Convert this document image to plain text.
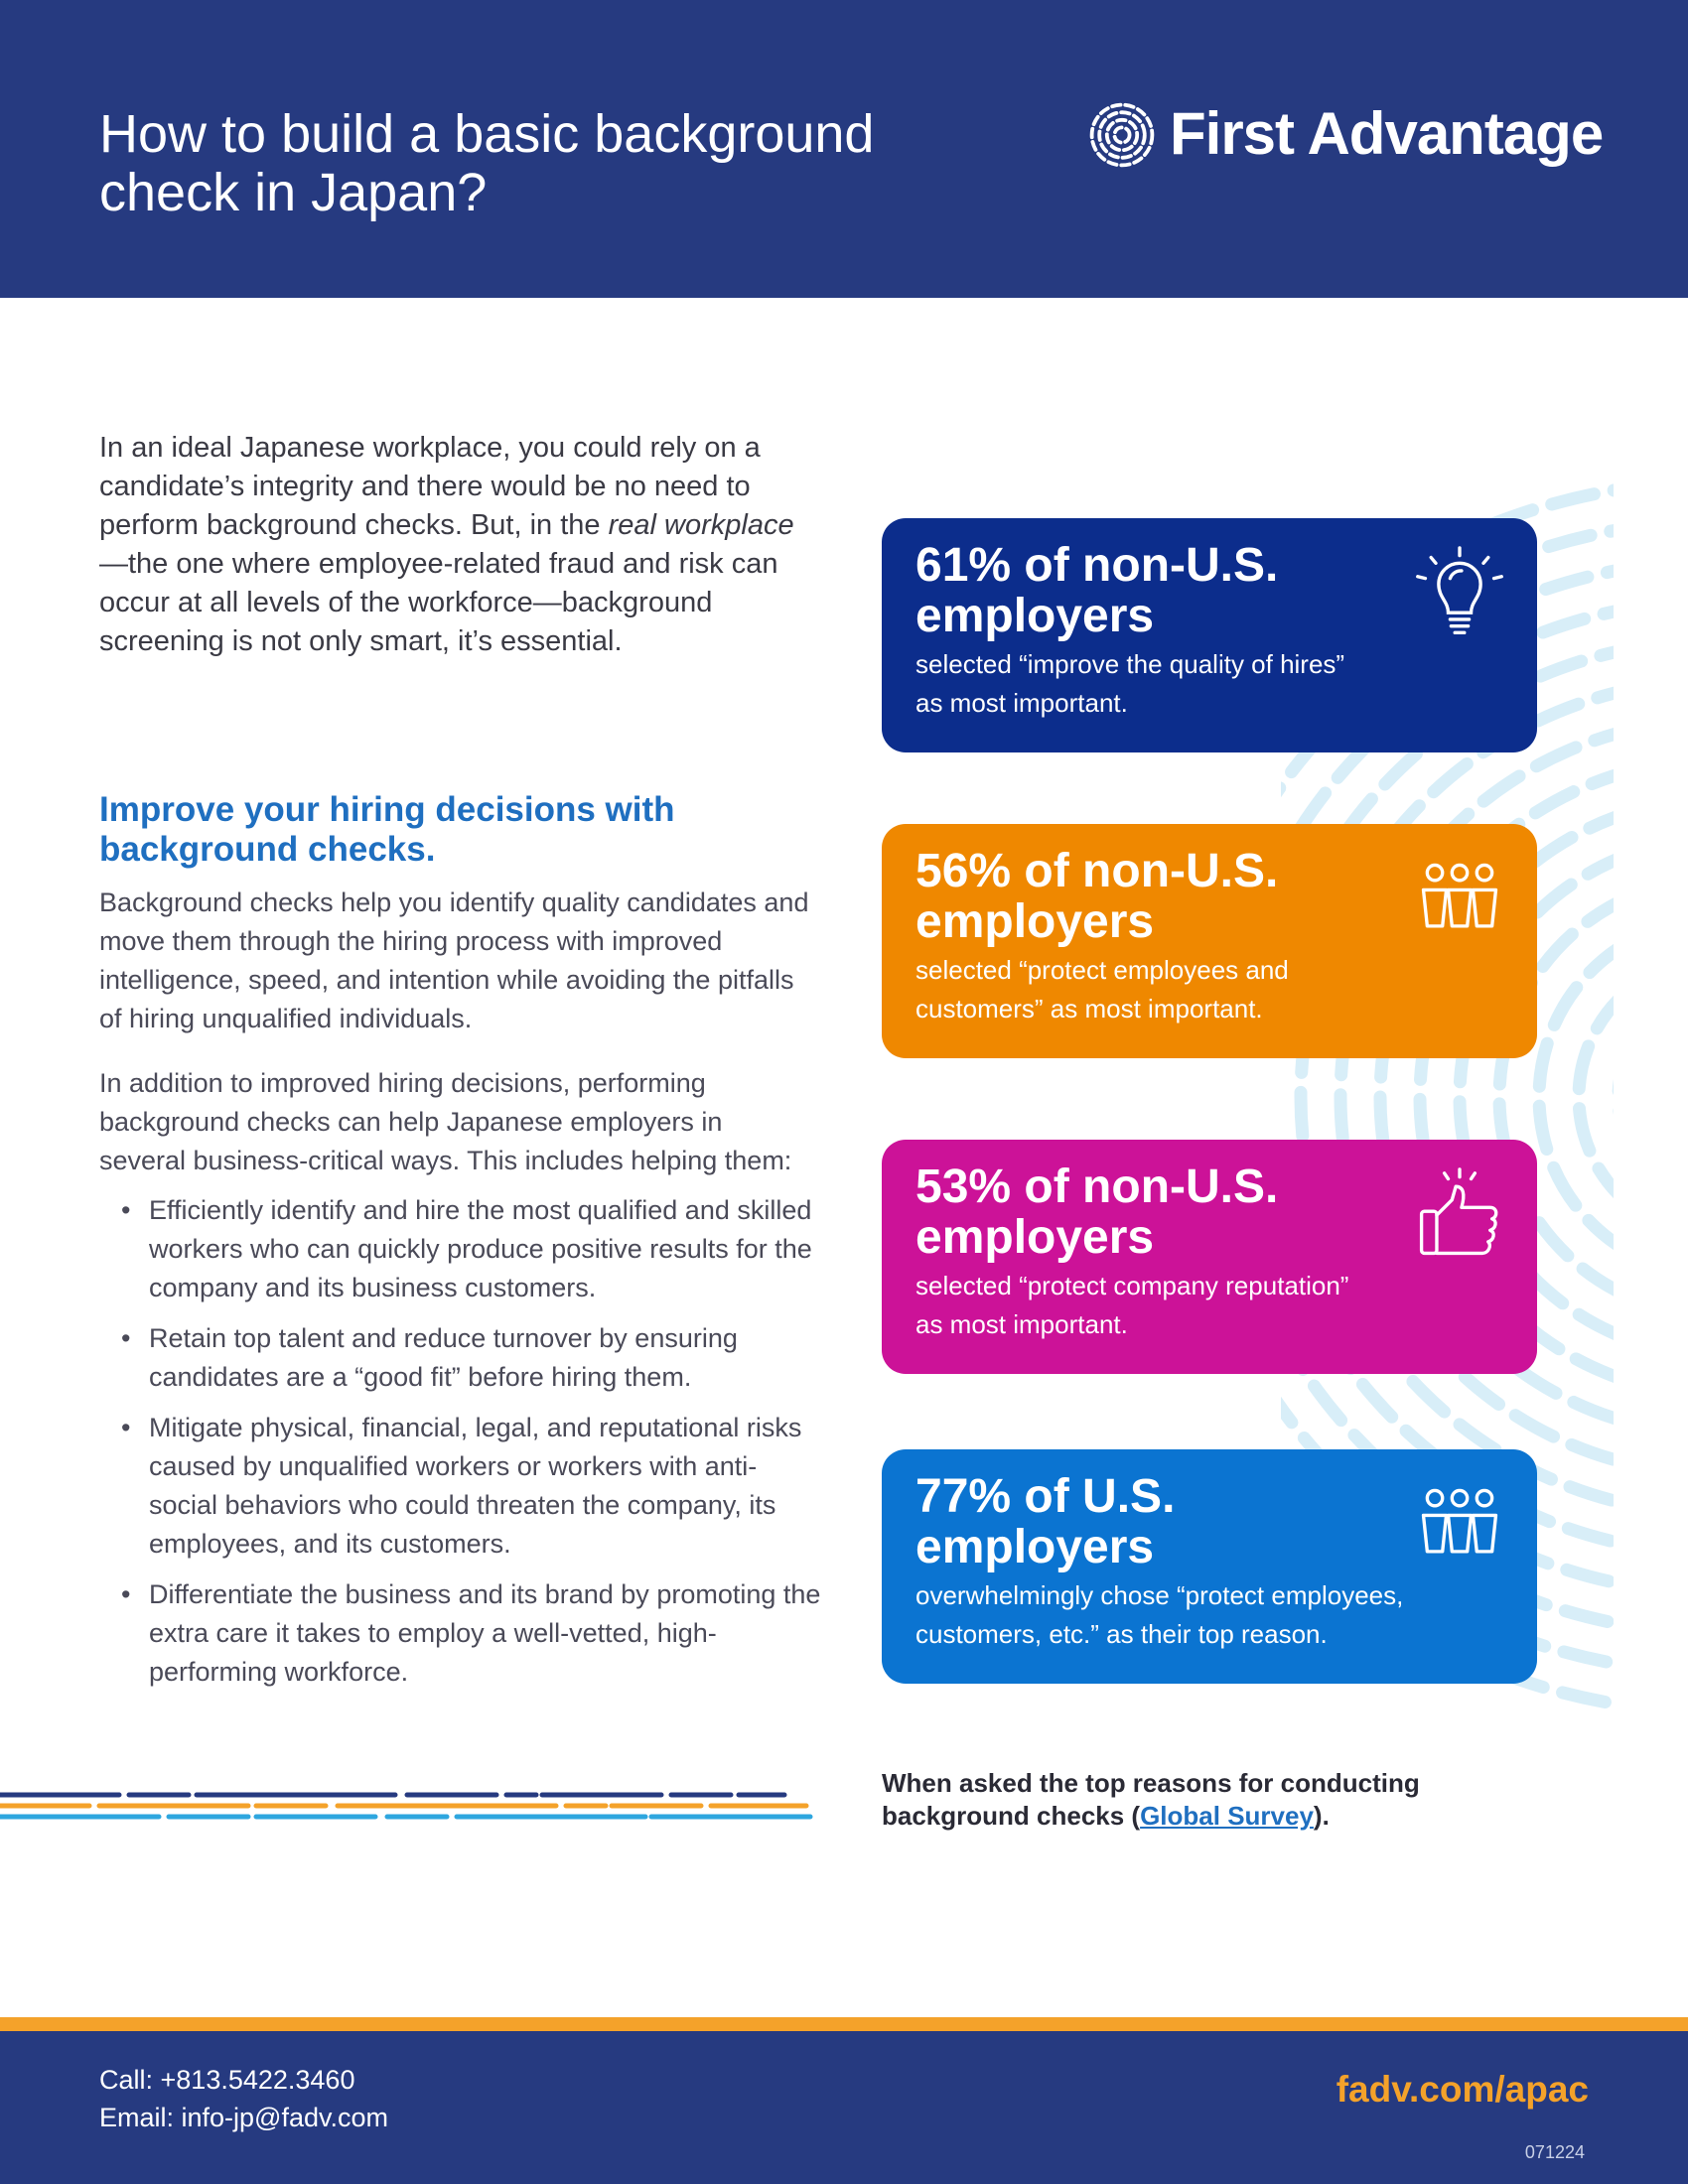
How to build a basic background
check in Japan?
First Advantage

In an ideal Japanese workplace, you could rely on a candidate’s integrity and there would be no need to perform background checks. But, in the real workplace—the one where employee-related fraud and risk can occur at all levels of the workforce—background screening is not only smart, it’s essential.

Improve your hiring decisions with
background checks.

Background checks help you identify quality candidates and move them through the hiring process with improved intelligence, speed, and intention while avoiding the pitfalls of hiring unqualified individuals.

In addition to improved hiring decisions, performing background checks can help Japanese employers in several business-critical ways. This includes helping them:

• Efficiently identify and hire the most qualified and skilled workers who can quickly produce positive results for the company and its business customers.
• Retain top talent and reduce turnover by ensuring candidates are a “good fit” before hiring them.
• Mitigate physical, financial, legal, and reputational risks caused by unqualified workers or workers with anti-social behaviors who could threaten the company, its employees, and its customers.
• Differentiate the business and its brand by promoting the extra care it takes to employ a well-vetted, high-performing workforce.
61% of non-U.S.
employers

selected “improve the quality of hires”
as most important.

56% of non-U.S.
employers

selected “protect employees and
customers” as most important.

53% of non-U.S.
employers

selected “protect company reputation”
as most important.

77% of U.S.
employers

overwhelmingly chose “protect employees,
customers, etc.” as their top reason.

When asked the top reasons for conducting background checks (Global Survey).

Call: +813.5422.3460
Email: info-jp@fadv.com
fadv.com/apac
071224
